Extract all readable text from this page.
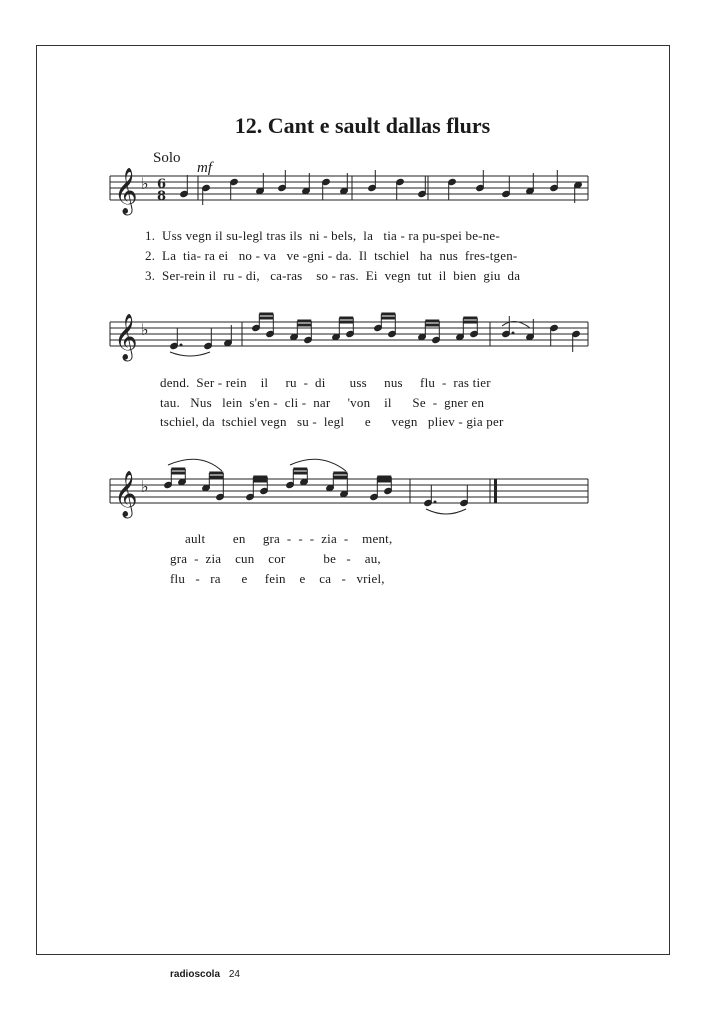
12. Cant e sault dallas flurs
Solo
mf
𝄞 ♭ 6
8
1.  Uss vegn il su-legl tras ils  ni - bels,  la   tia - ra pu-spei be-ne-
2.  La  tia- ra ei   no - va   ve -gni - da.  Il  tschiel   ha  nus  fres-tgen-
3.  Ser-rein il  ru - di,   ca-ras    so - ras.  Ei  vegn  tut  il  bien  giu  da
𝄞 ♭
dend.  Ser - rein    il     ru  -  di       uss     nus     flu  -  ras tier
tau.   Nus   lein  s'en -  cli -  nar     'von    il      Se  -  gner en
tschiel, da  tschiel vegn   su -  legl      e      vegn   pliev - gia per
𝄞 ♭
ault        en     gra  -  -  -  zia  -    ment,
gra  -  zia    cun    cor           be   -    au,
flu   -   ra      e     fein    e    ca   -   vriel,
radioscola 24
